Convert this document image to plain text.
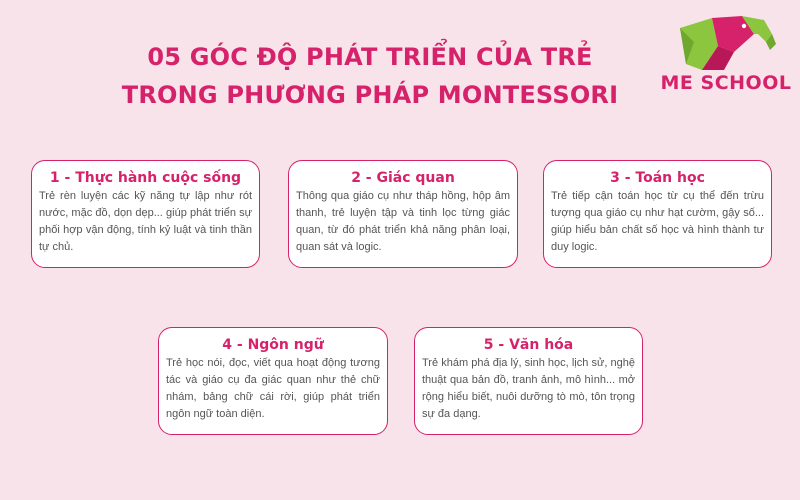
05 GÓC ĐỘ PHÁT TRIỂN CỦA TRẺ
TRONG PHƯƠNG PHÁP MONTESSORI	ME SCHOOL
1 - Thực hành cuộc sống
Trẻ rèn luyện các kỹ năng tự lập như rót nước, mặc đồ, dọn dẹp... giúp phát triển sự phối hợp vận động, tính kỷ luật và tinh thần tự chủ.
2 - Giác quan
Thông qua giáo cụ như tháp hồng, hộp âm thanh, trẻ luyện tập và tinh lọc từng giác quan, từ đó phát triển khả năng phân loại, quan sát và logic.
3 - Toán học
Trẻ tiếp cận toán học từ cụ thể đến trừu tượng qua giáo cụ như hạt cườm, gậy số... giúp hiểu bản chất số học và hình thành tư duy logic.
4 - Ngôn ngữ
Trẻ học nói, đọc, viết qua hoạt động tương tác và giáo cụ đa giác quan như thẻ chữ nhám, bảng chữ cái rời, giúp phát triển ngôn ngữ toàn diện.
5 - Văn hóa
Trẻ khám phá địa lý, sinh học, lịch sử, nghệ thuật qua bản đồ, tranh ảnh, mô hình... mở rộng hiểu biết, nuôi dưỡng tò mò, tôn trọng sự đa dạng.
